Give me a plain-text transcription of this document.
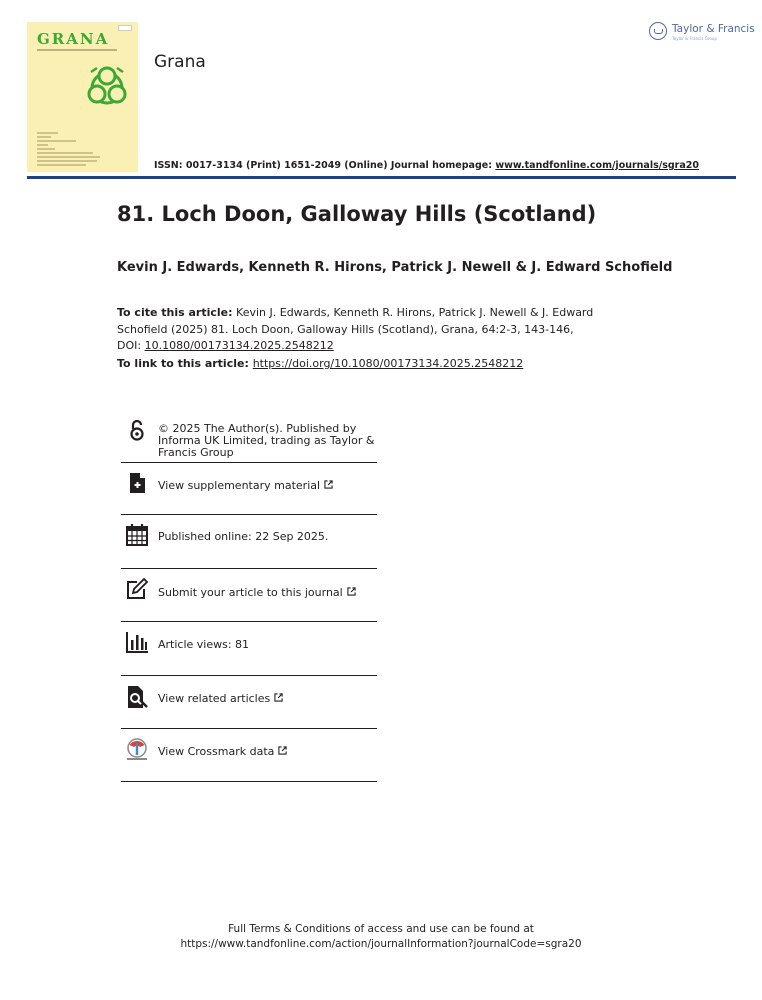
GRANA
Grana
Taylor & Francis
Taylor & Francis Group
ISSN: 0017-3134 (Print) 1651-2049 (Online) Journal homepage: www.tandfonline.com/journals/sgra20
81. Loch Doon, Galloway Hills (Scotland)
Kevin J. Edwards, Kenneth R. Hirons, Patrick J. Newell & J. Edward Schofield
To cite this article: Kevin J. Edwards, Kenneth R. Hirons, Patrick J. Newell & J. Edward Schofield (2025) 81. Loch Doon, Galloway Hills (Scotland), Grana, 64:2-3, 143-146, DOI: 10.1080/00173134.2025.2548212
To link to this article: https://doi.org/10.1080/00173134.2025.2548212
© 2025 The Author(s). Published by Informa UK Limited, trading as Taylor & Francis Group
View supplementary material
Published online: 22 Sep 2025.
Submit your article to this journal
Article views: 81
View related articles
View Crossmark data
Full Terms & Conditions of access and use can be found at
https://www.tandfonline.com/action/journalInformation?journalCode=sgra20
